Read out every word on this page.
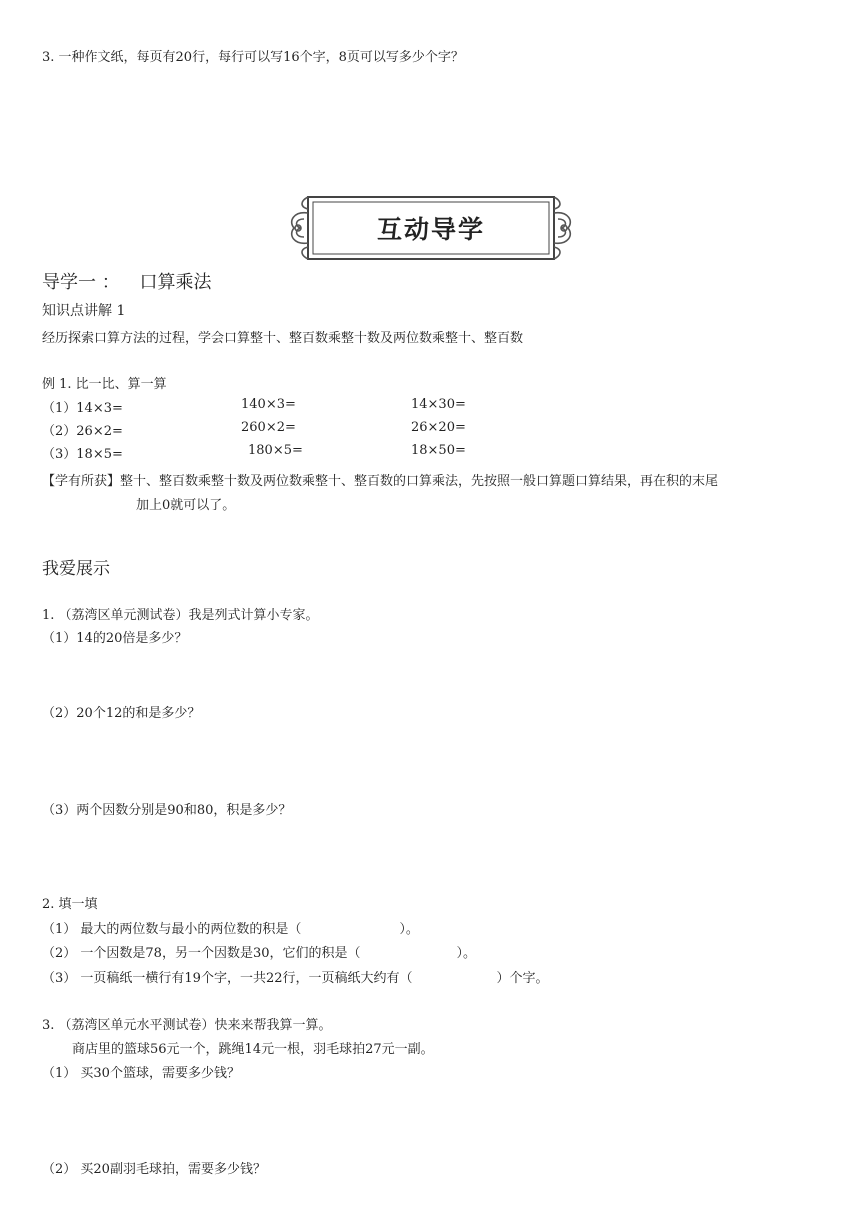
3. 一种作文纸，每页有20行，每行可以写16个字，8页可以写多少个字？
互动导学
导学一 ： 口算乘法
知识点讲解 1
经历探索口算方法的过程，学会口算整十、整百数乘整十数及两位数乘整十、整百数
例 1. 比一比、算一算
（1）14×3=	140×3=	14×30=
（2）26×2=	260×2=	26×20=
（3）18×5=	180×5=	18×50=
【学有所获】整十、整百数乘整十数及两位数乘整十、整百数的口算乘法，先按照一般口算题口算结果，再在积的末尾
加上0就可以了。
我爱展示
1. （荔湾区单元测试卷）我是列式计算小专家。
（1）14的20倍是多少？
（2）20个12的和是多少？
（3）两个因数分别是90和80，积是多少？
2. 填一填
（1） 最大的两位数与最小的两位数的积是（	）。
（2） 一个因数是78，另一个因数是30，它们的积是（	）。
（3） 一页稿纸一横行有19个字，一共22行，一页稿纸大约有（	）个字。
3. （荔湾区单元水平测试卷）快来来帮我算一算。
商店里的篮球56元一个，跳绳14元一根，羽毛球拍27元一副。
（1） 买30个篮球，需要多少钱？
（2） 买20副羽毛球拍，需要多少钱？
